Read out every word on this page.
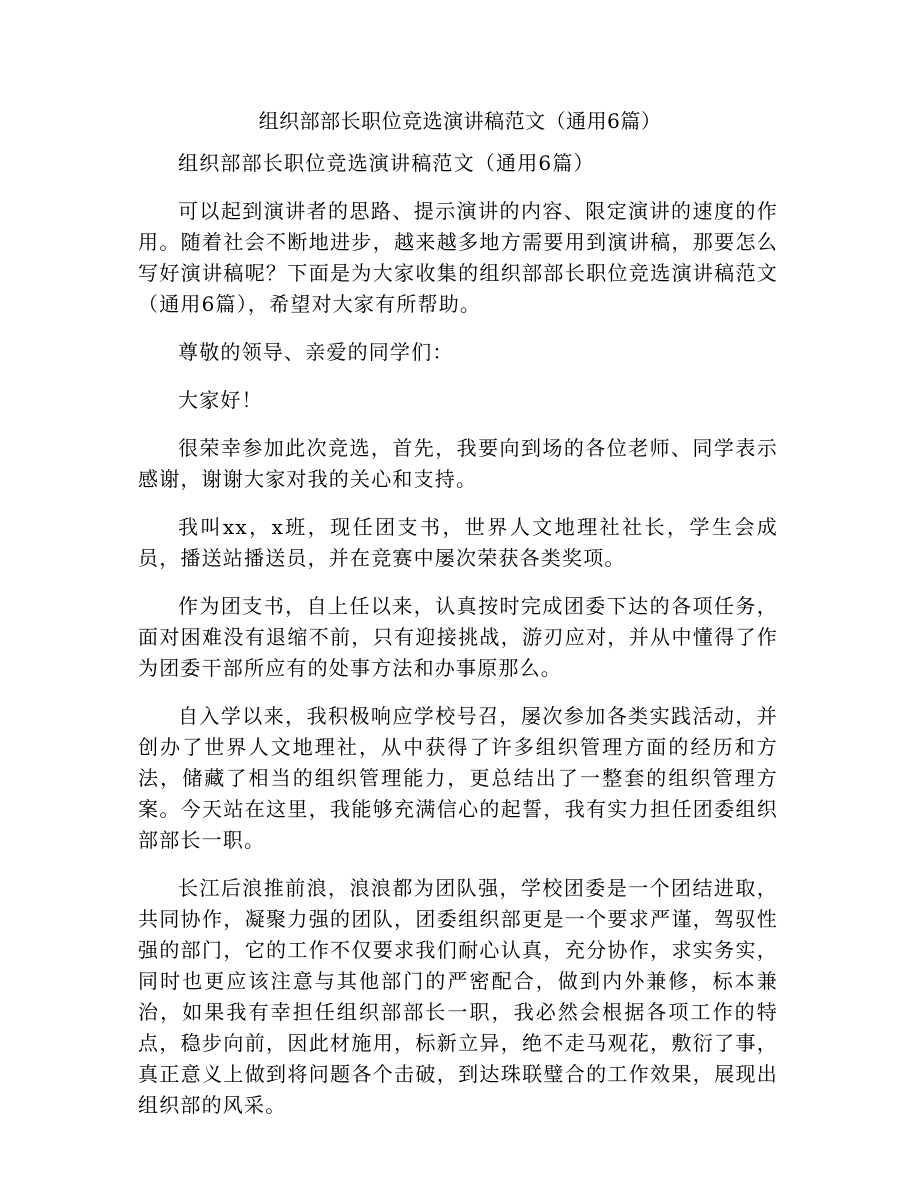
组织部部长职位竞选演讲稿范文（通用6篇）

组织部部长职位竞选演讲稿范文（通用6篇）

可以起到演讲者的思路、提示演讲的内容、限定演讲的速度的作用。随着社会不断地进步，越来越多地方需要用到演讲稿，那要怎么写好演讲稿呢？下面是为大家收集的组织部部长职位竞选演讲稿范文（通用6篇），希望对大家有所帮助。

尊敬的领导、亲爱的同学们：

大家好！

很荣幸参加此次竞选，首先，我要向到场的各位老师、同学表示感谢，谢谢大家对我的关心和支持。

我叫xx，x班，现任团支书，世界人文地理社社长，学生会成员，播送站播送员，并在竞赛中屡次荣获各类奖项。

作为团支书，自上任以来，认真按时完成团委下达的各项任务，面对困难没有退缩不前，只有迎接挑战，游刃应对，并从中懂得了作为团委干部所应有的处事方法和办事原那么。

自入学以来，我积极响应学校号召，屡次参加各类实践活动，并创办了世界人文地理社，从中获得了许多组织管理方面的经历和方法，储藏了相当的组织管理能力，更总结出了一整套的组织管理方案。今天站在这里，我能够充满信心的起誓，我有实力担任团委组织部部长一职。

长江后浪推前浪，浪浪都为团队强，学校团委是一个团结进取，共同协作，凝聚力强的团队，团委组织部更是一个要求严谨，驾驭性强的部门，它的工作不仅要求我们耐心认真，充分协作，求实务实，同时也更应该注意与其他部门的严密配合，做到内外兼修，标本兼治，如果我有幸担任组织部部长一职，我必然会根据各项工作的特点，稳步向前，因此材施用，标新立异，绝不走马观花，敷衍了事，真正意义上做到将问题各个击破，到达珠联璧合的工作效果，展现出组织部的风采。
